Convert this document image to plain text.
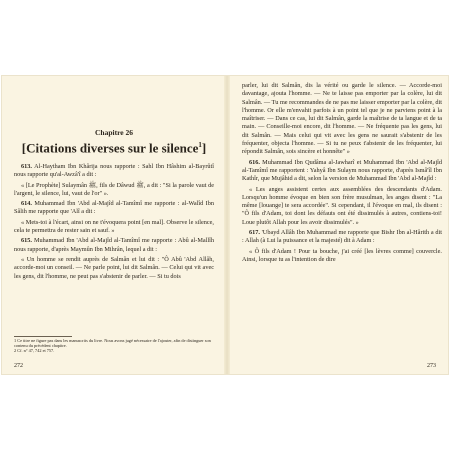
Chapitre 26
[Citations diverses sur le silence$^1$]

613. Al-Haytham Ibn Khârija nous rapporte : Sahl Ibn Hâshim al-Bayrûtî nous rapporte qu'al-Awzâ'î a dit :

« [Le Prophète] Sulaymân ﷺ, fils de Dâwud ﷺ, a dit : "Si la parole vaut de l'argent, le silence, lui, vaut de l'or" ».

614. Muhammad Ibn 'Abd al-Majîd al-Tamîmî me rapporte : al-Walîd Ibn Sâlih me rapporte que 'Alî a dit :

« Mets-toi à l'écart, ainsi on ne t'évoquera point [en mal]. Observe le silence, cela te permettra de rester sain et sauf. »

615. Muhammad Ibn 'Abd al-Majîd al-Tamîmî me rapporte : Abû al-Mallîh nous rapporte, d'après Maymûn Ibn Mihrân, lequel a dit :

« Un homme se rendit auprès de Salmân et lui dit : "Ô Abû 'Abd Allâh, accorde-moi un conseil. — Ne parle point, lui dit Salmân. — Celui qui vit avec les gens, dit l'homme, ne peut pas s'abstenir de parler. — Si tu dois

1 Ce titre ne figure pas dans les manuscrits du livre. Nous avons jugé nécessaire de l'ajouter, afin de distinguer son contenu du précédent chapitre.
2 Cf. n° 47, 742 et 757.
272

parler, lui dit Salmân, dis la vérité ou garde le silence. — Accorde-moi davantage, ajouta l'homme. — Ne te laisse pas emporter par la colère, lui dit Salmân. — Tu me recommandes de ne pas me laisser emporter par la colère, dit l'homme. Or elle m'envahit parfois à un point tel que je ne parviens point à la maîtriser. — Dans ce cas, lui dit Salmân, garde la maîtrise de ta langue et de ta main. — Conseille-moi encore, dit l'homme. — Ne fréquente pas les gens, lui dit Salmân. — Mais celui qui vit avec les gens ne saurait s'abstenir de les fréquenter, objecta l'homme. — Si tu ne peux t'abstenir de les fréquenter, lui répondit Salmân, sois sincère et honnête" »

616. Muhammad Ibn Qudâma al-Jawharî et Muhammad Ibn 'Abd al-Majîd al-Tamîmî me rapportent : Yahyâ Ibn Sulaym nous rapporte, d'après Ismâ'îl Ibn Kathîr, que Mujâhid a dit, selon la version de Muhammad Ibn 'Abd al-Majîd :

« Les anges assistent certes aux assemblées des descendants d'Adam. Lorsqu'un homme évoque en bien son frère musulman, les anges disent : "La même [louange] te sera accordée". Si cependant, il l'évoque en mal, ils disent : "Ô fils d'Adam, toi dont les défauts ont été dissimulés à autres, contiens-toi! Loue plutôt Allah pour les avoir dissimulés". »

617. 'Ubayd Allâh Ibn Muhammad me rapporte que Bishr Ibn al-Hârith a dit : Allah (à Lui la puissance et la majesté) dit à Adam :

« Ô fils d'Adam ! Pour ta bouche, j'ai créé [les lèvres comme] couvercle. Ainsi, lorsque tu as l'intention de dire

273
